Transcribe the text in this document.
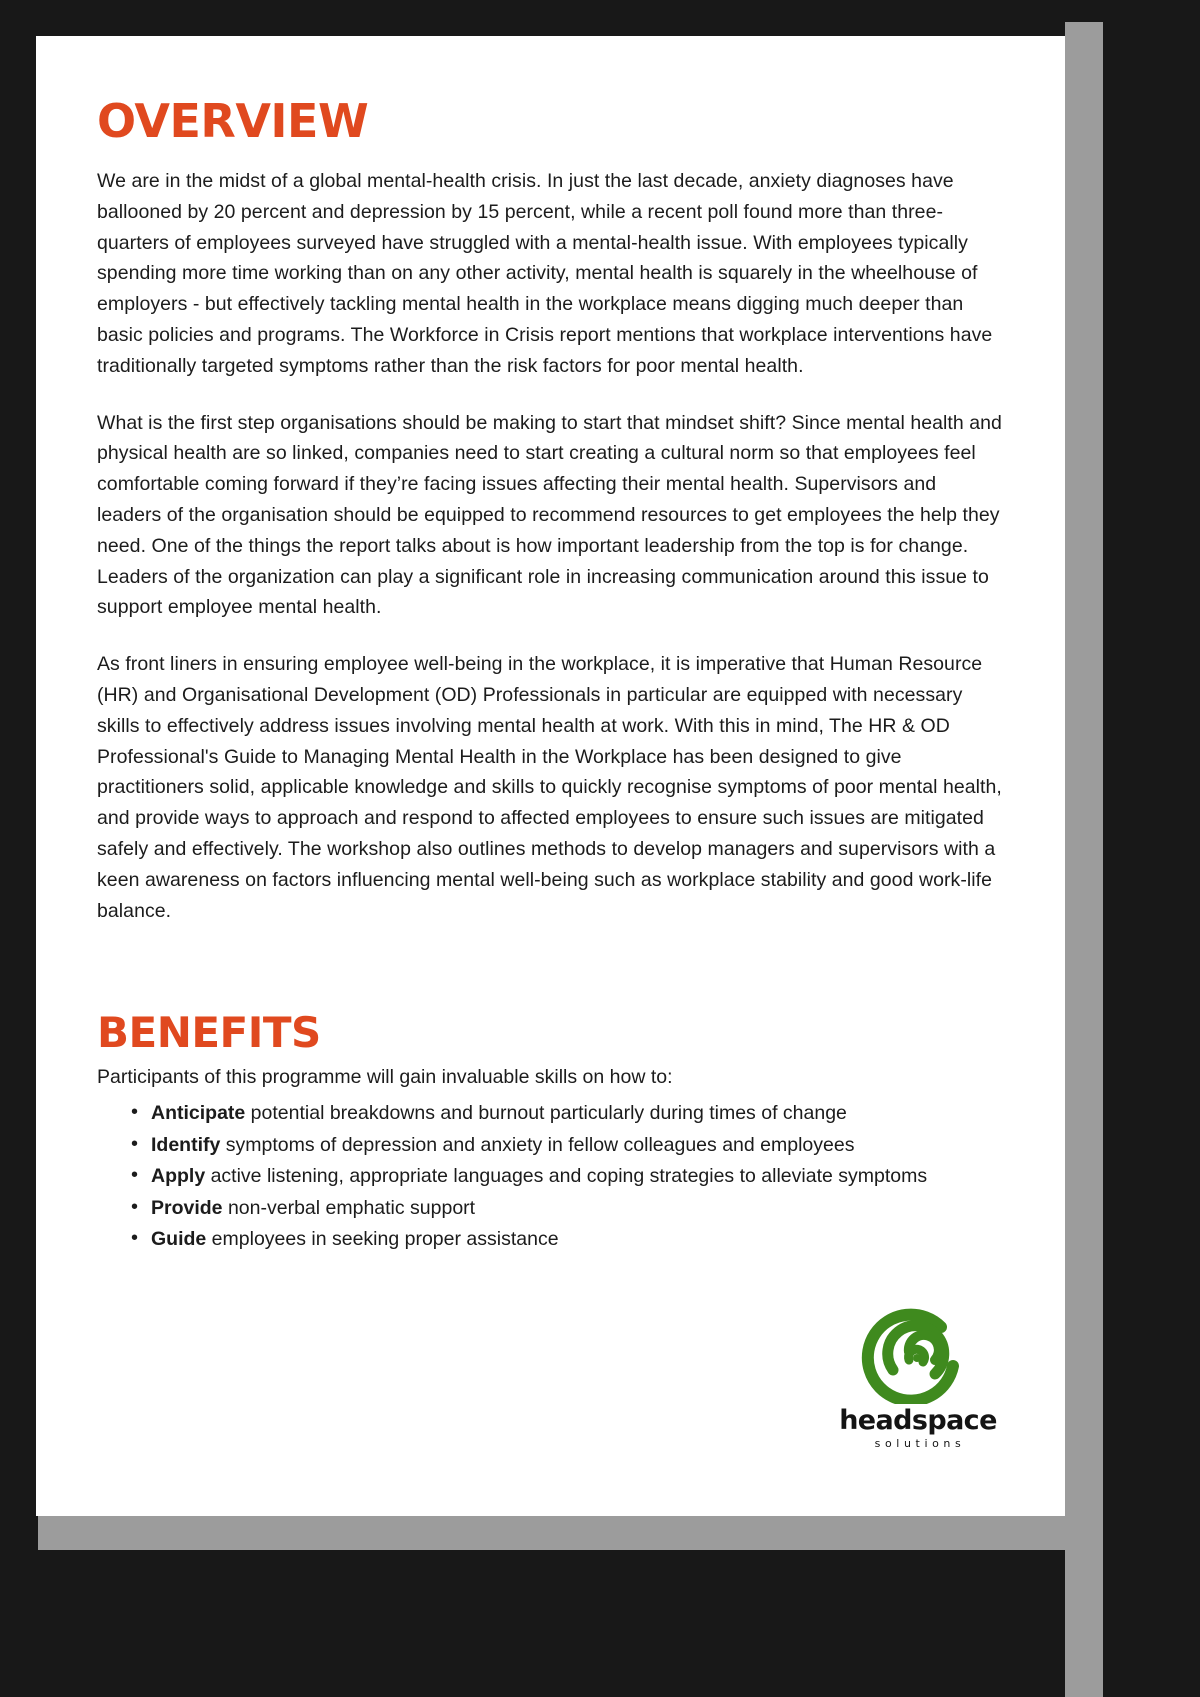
OVERVIEW

We are in the midst of a global mental-health crisis. In just the last decade, anxiety diagnoses have ballooned by 20 percent and depression by 15 percent, while a recent poll found more than three-quarters of employees surveyed have struggled with a mental-health issue. With employees typically spending more time working than on any other activity, mental health is squarely in the wheelhouse of employers - but effectively tackling mental health in the workplace means digging much deeper than basic policies and programs. The Workforce in Crisis report mentions that workplace interventions have traditionally targeted symptoms rather than the risk factors for poor mental health.

What is the first step organisations should be making to start that mindset shift? Since mental health and physical health are so linked, companies need to start creating a cultural norm so that employees feel comfortable coming forward if they’re facing issues affecting their mental health. Supervisors and leaders of the organisation should be equipped to recommend resources to get employees the help they need. One of the things the report talks about is how important leadership from the top is for change. Leaders of the organization can play a significant role in increasing communication around this issue to support employee mental health.

As front liners in ensuring employee well-being in the workplace, it is imperative that Human Resource (HR) and Organisational Development (OD) Professionals in particular are equipped with necessary skills to effectively address issues involving mental health at work. With this in mind, The HR & OD Professional's Guide to Managing Mental Health in the Workplace has been designed to give practitioners solid, applicable knowledge and skills to quickly recognise symptoms of poor mental health, and provide ways to approach and respond to affected employees to ensure such issues are mitigated safely and effectively. The workshop also outlines methods to develop managers and supervisors with a keen awareness on factors influencing mental well-being such as workplace stability and good work-life balance.

BENEFITS

Participants of this programme will gain invaluable skills on how to:

• Anticipate potential breakdowns and burnout particularly during times of change
• Identify symptoms of depression and anxiety in fellow colleagues and employees
• Apply active listening, appropriate languages and coping strategies to alleviate symptoms
• Provide non-verbal emphatic support
• Guide employees in seeking proper assistance
headspace
solutions
